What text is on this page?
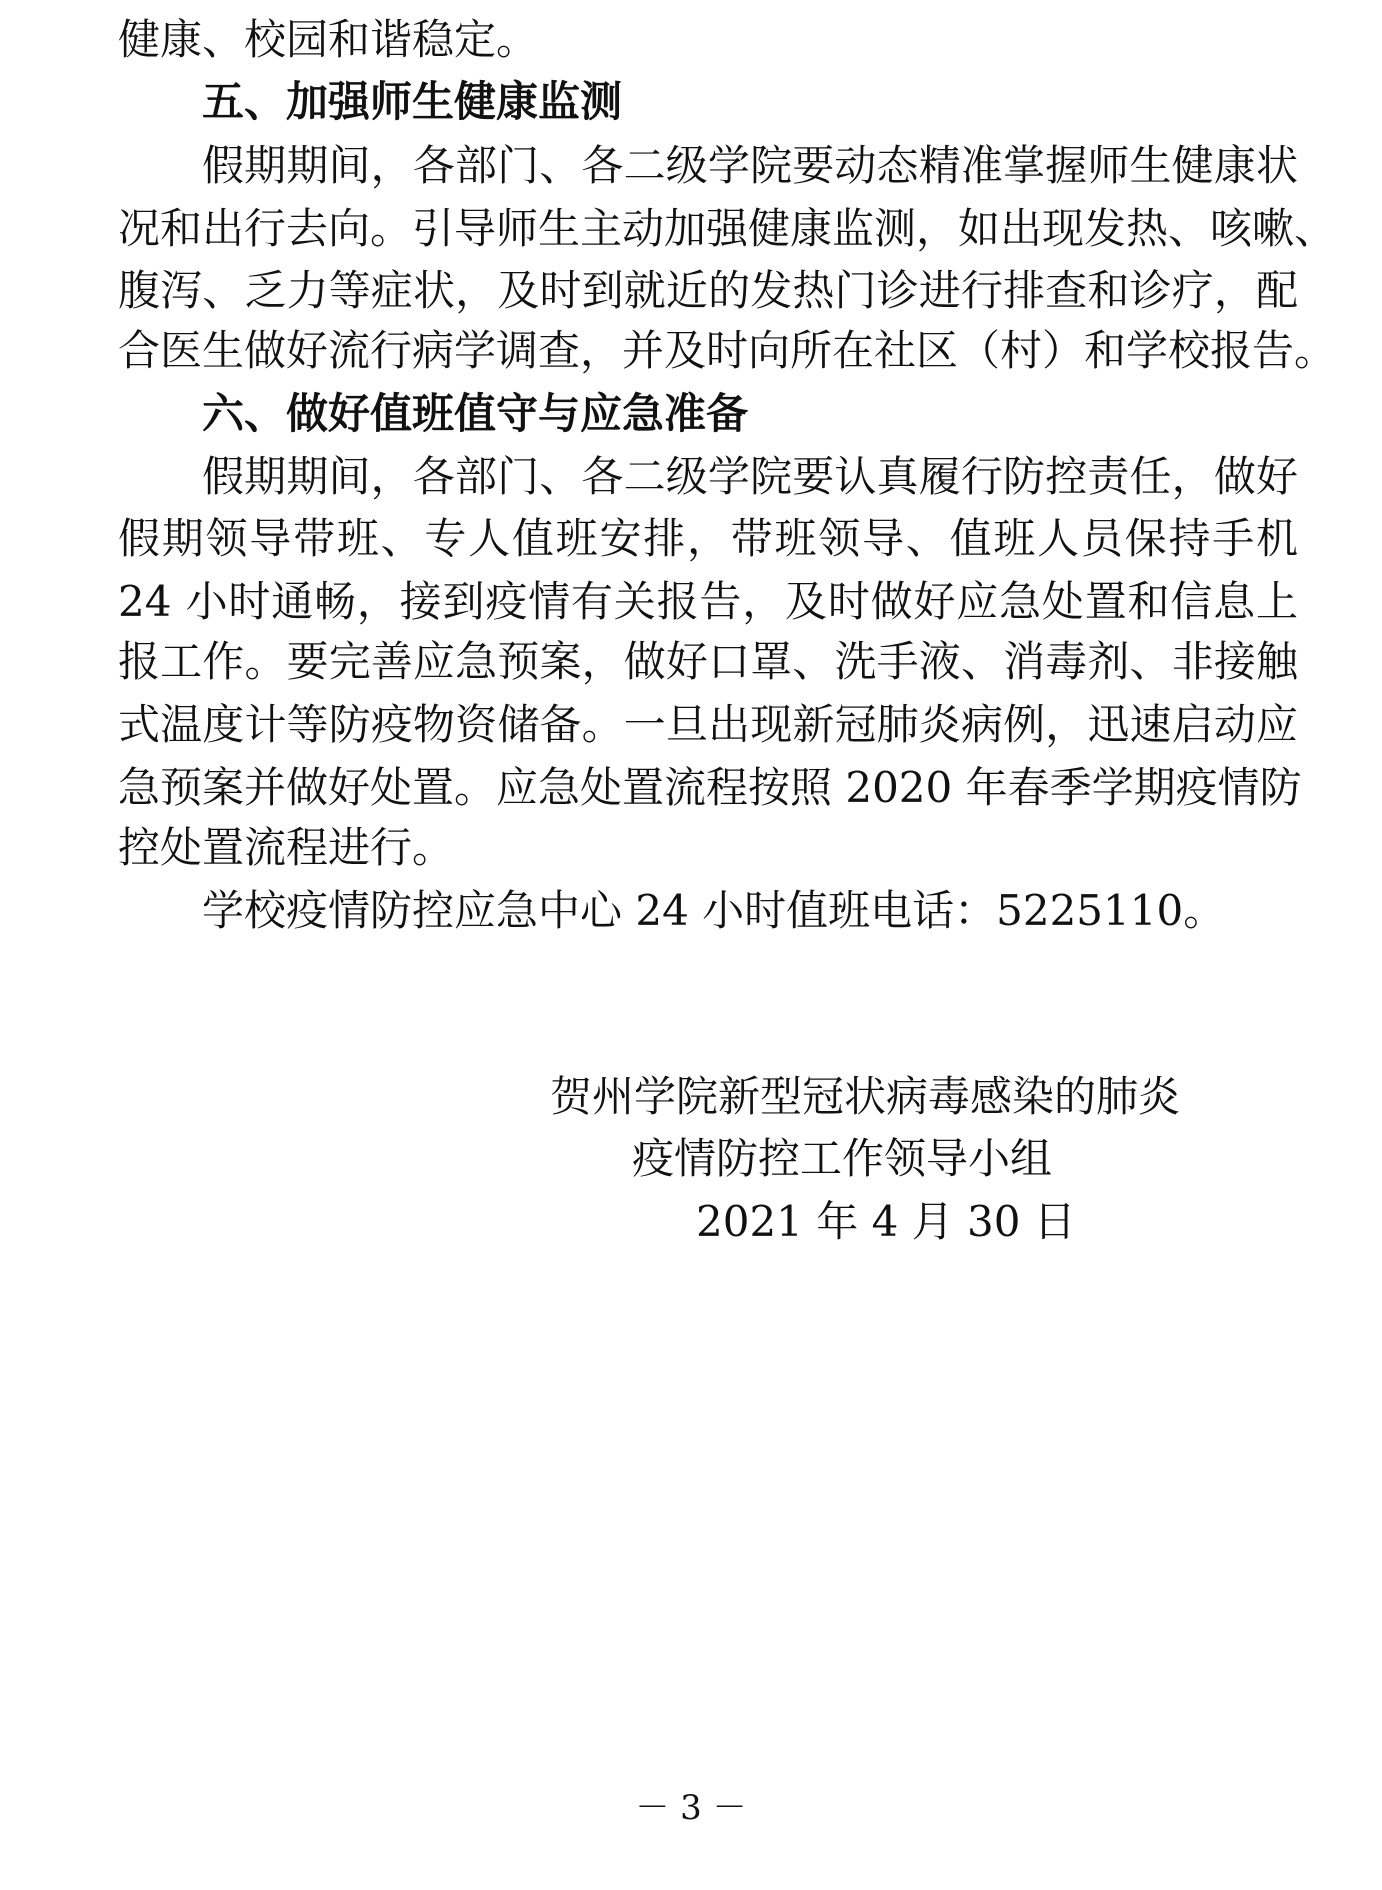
健康、校园和谐稳定。
五、加强师生健康监测
假期期间，各部门、各二级学院要动态精准掌握师生健康状
况和出行去向。引导师生主动加强健康监测，如出现发热、咳嗽、
腹泻、乏力等症状，及时到就近的发热门诊进行排查和诊疗，配
合医生做好流行病学调查，并及时向所在社区（村）和学校报告。
六、做好值班值守与应急准备
假期期间，各部门、各二级学院要认真履行防控责任，做好
假期领导带班、专人值班安排，带班领导、值班人员保持手机
24 小时通畅，接到疫情有关报告，及时做好应急处置和信息上
报工作。要完善应急预案，做好口罩、洗手液、消毒剂、非接触
式温度计等防疫物资储备。一旦出现新冠肺炎病例，迅速启动应
急预案并做好处置。应急处置流程按照 2020 年春季学期疫情防
控处置流程进行。
学校疫情防控应急中心 24 小时值班电话：5225110。
贺州学院新型冠状病毒感染的肺炎
疫情防控工作领导小组
2021 年 4 月 30 日
－ 3 －
